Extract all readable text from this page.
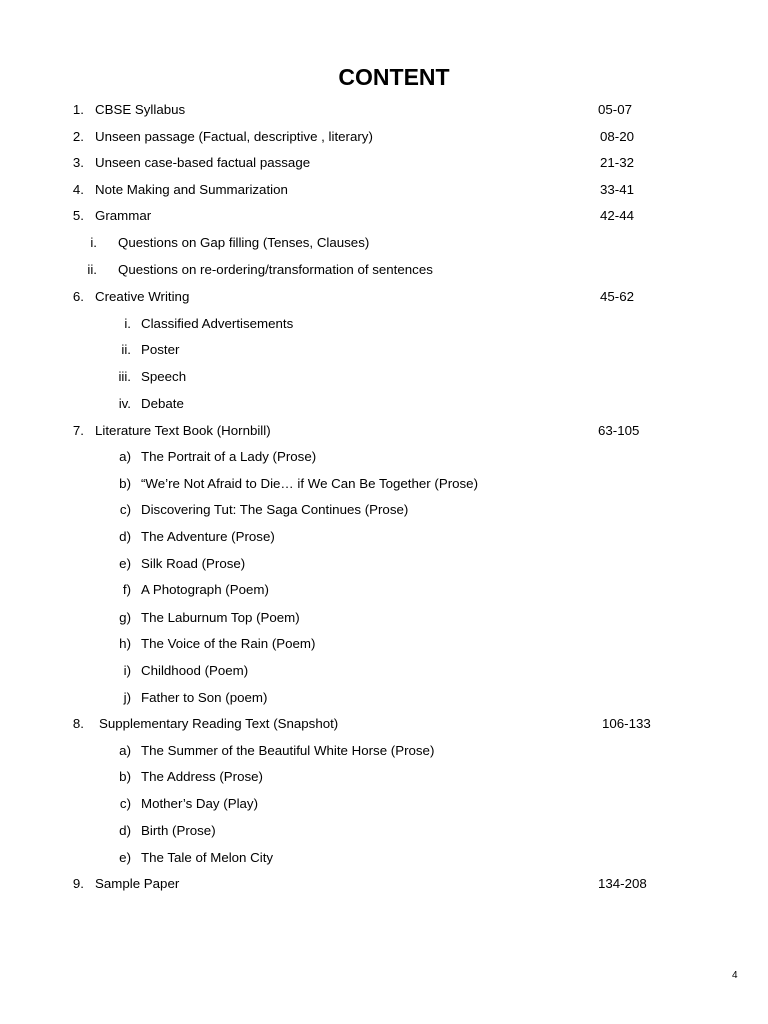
CONTENT
1. CBSE Syllabus	05-07
2. Unseen passage (Factual, descriptive , literary)	08-20
3. Unseen case-based factual passage	21-32
4. Note Making and Summarization	33-41
5. Grammar	42-44
i. Questions on Gap filling (Tenses, Clauses)
ii. Questions on re-ordering/transformation of sentences
6. Creative Writing	45-62
i. Classified Advertisements
ii. Poster
iii. Speech
iv. Debate
7. Literature Text Book (Hornbill)	63-105
a) The Portrait of a Lady (Prose)
b) “We’re Not Afraid to Die… if We Can Be Together (Prose)
c) Discovering Tut: The Saga Continues (Prose)
d) The Adventure (Prose)
e) Silk Road (Prose)
f) A Photograph (Poem)
g) The Laburnum Top (Poem)
h) The Voice of the Rain (Poem)
i) Childhood (Poem)
j) Father to Son (poem)
8. Supplementary Reading Text (Snapshot)	106-133
a) The Summer of the Beautiful White Horse (Prose)
b) The Address (Prose)
c) Mother’s Day (Play)
d) Birth (Prose)
e) The Tale of Melon City
9. Sample Paper	134-208
4
